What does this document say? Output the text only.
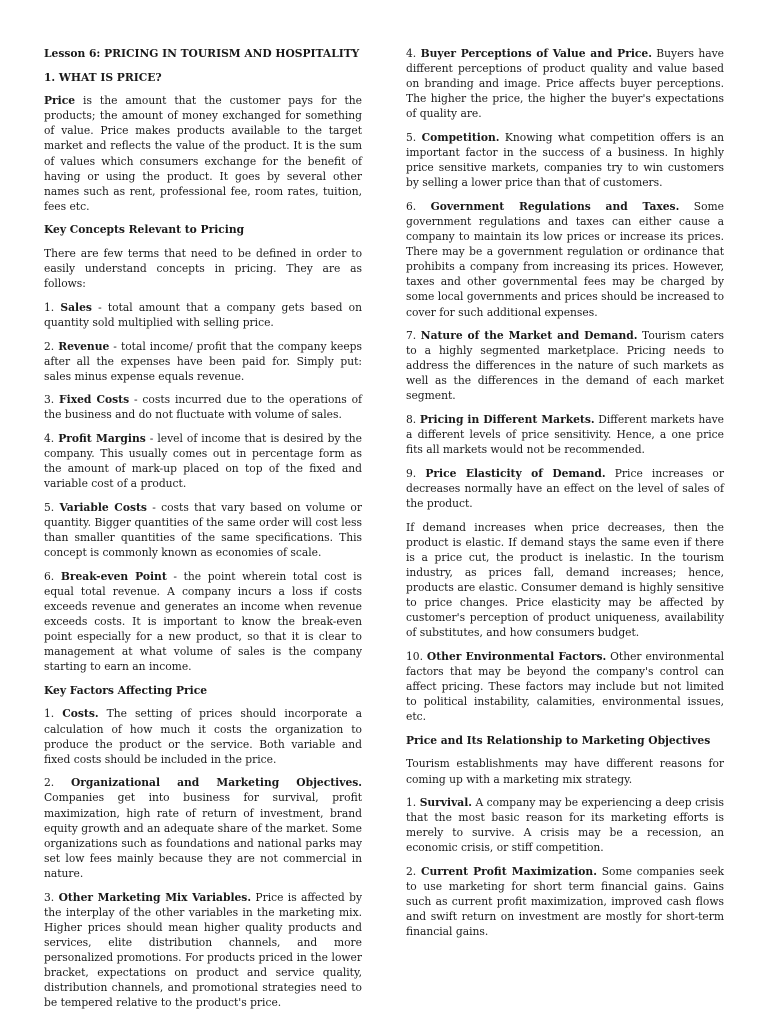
Lesson 6: PRICING IN TOURISM AND HOSPITALITY

1. WHAT IS PRICE?

Price is the amount that the customer pays for the products; the amount of money exchanged for something of value. Price makes products available to the target market and reflects the value of the product. It is the sum of values which consumers exchange for the benefit of having or using the product. It goes by several other names such as rent, professional fee, room rates, tuition, fees etc.

Key Concepts Relevant to Pricing

There are few terms that need to be defined in order to easily understand concepts in pricing. They are as follows:

1. Sales - total amount that a company gets based on quantity sold multiplied with selling price.

2. Revenue - total income/ profit that the company keeps after all the expenses have been paid for. Simply put: sales minus expense equals revenue.

3. Fixed Costs - costs incurred due to the operations of the business and do not fluctuate with volume of sales.

4. Profit Margins - level of income that is desired by the company. This usually comes out in percentage form as the amount of mark-up placed on top of the fixed and variable cost of a product.

5. Variable Costs - costs that vary based on volume or quantity. Bigger quantities of the same order will cost less than smaller quantities of the same specifications. This concept is commonly known as economies of scale.

6. Break-even Point - the point wherein total cost is equal total revenue. A company incurs a loss if costs exceeds revenue and generates an income when revenue exceeds costs. It is important to know the break-even point especially for a new product, so that it is clear to management at what volume of sales is the company starting to earn an income.

Key Factors Affecting Price

1. Costs. The setting of prices should incorporate a calculation of how much it costs the organization to produce the product or the service. Both variable and fixed costs should be included in the price.

2. Organizational and Marketing Objectives. Companies get into business for survival, profit maximization, high rate of return of investment, brand equity growth and an adequate share of the market. Some organizations such as foundations and national parks may set low fees mainly because they are not commercial in nature.

3. Other Marketing Mix Variables. Price is affected by the interplay of the other variables in the marketing mix. Higher prices should mean higher quality products and services, elite distribution channels, and more personalized promotions. For products priced in the lower bracket, expectations on product and service quality, distribution channels, and promotional strategies need to be tempered relative to the product's price.

4. Buyer Perceptions of Value and Price. Buyers have different perceptions of product quality and value based on branding and image. Price affects buyer perceptions. The higher the price, the higher the buyer's expectations of quality are.

5. Competition. Knowing what competition offers is an important factor in the success of a business. In highly price sensitive markets, companies try to win customers by selling a lower price than that of customers.

6. Government Regulations and Taxes. Some government regulations and taxes can either cause a company to maintain its low prices or increase its prices. There may be a government regulation or ordinance that prohibits a company from increasing its prices. However, taxes and other governmental fees may be charged by some local governments and prices should be increased to cover for such additional expenses.

7. Nature of the Market and Demand. Tourism caters to a highly segmented marketplace. Pricing needs to address the differences in the nature of such markets as well as the differences in the demand of each market segment.

8. Pricing in Different Markets. Different markets have a different levels of price sensitivity. Hence, a one price fits all markets would not be recommended.

9. Price Elasticity of Demand. Price increases or decreases normally have an effect on the level of sales of the product.

If demand increases when price decreases, then the product is elastic. If demand stays the same even if there is a price cut, the product is inelastic. In the tourism industry, as prices fall, demand increases; hence, products are elastic. Consumer demand is highly sensitive to price changes. Price elasticity may be affected by customer's perception of product uniqueness, availability of substitutes, and how consumers budget.

10. Other Environmental Factors. Other environmental factors that may be beyond the company's control can affect pricing. These factors may include but not limited to political instability, calamities, environmental issues, etc.

Price and Its Relationship to Marketing Objectives

Tourism establishments may have different reasons for coming up with a marketing mix strategy.

1. Survival. A company may be experiencing a deep crisis that the most basic reason for its marketing efforts is merely to survive. A crisis may be a recession, an economic crisis, or stiff competition.

2. Current Profit Maximization. Some companies seek to use marketing for short term financial gains. Gains such as current profit maximization, improved cash flows and swift return on investment are mostly for short-term financial gains.
